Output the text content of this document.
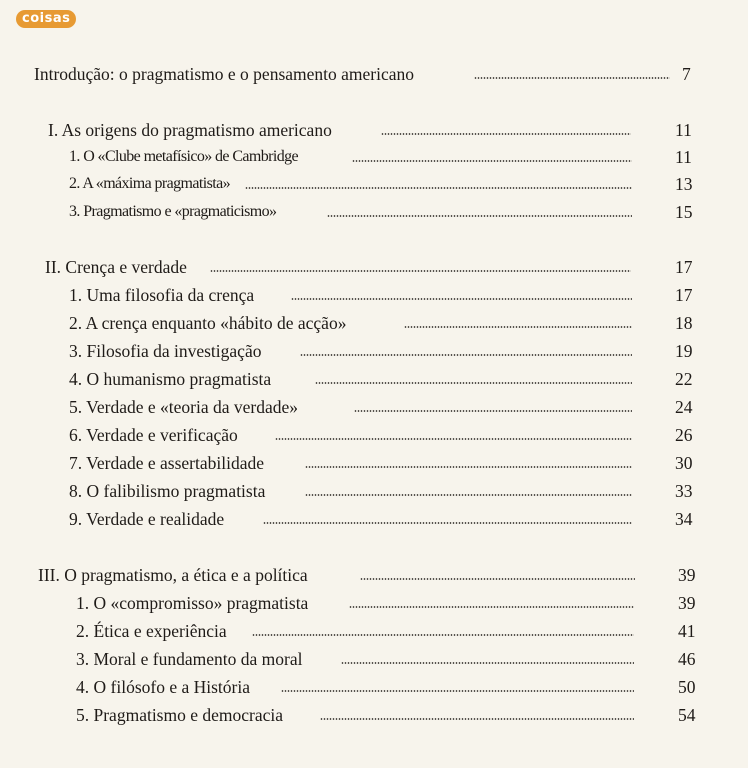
coisas
Introdução: o pragmatismo e o pensamento americano	7
I. As origens do pragmatismo americano	11
1. O «Clube metafísico» de Cambridge	11
2. A «máxima pragmatista»	13
3. Pragmatismo e «pragmaticismo»	15
II. Crença e verdade	17
1. Uma filosofia da crença	17
2. A crença enquanto «hábito de acção»	18
3. Filosofia da investigação	19
4. O humanismo pragmatista	22
5. Verdade e «teoria da verdade»	24
6. Verdade e verificação	26
7. Verdade e assertabilidade	30
8. O falibilismo pragmatista	33
9. Verdade e realidade	34
III. O pragmatismo, a ética e a política	39
1. O «compromisso» pragmatista	39
2. Ética e experiência	41
3. Moral e fundamento da moral	46
4. O filósofo e a História	50
5. Pragmatismo e democracia	54
